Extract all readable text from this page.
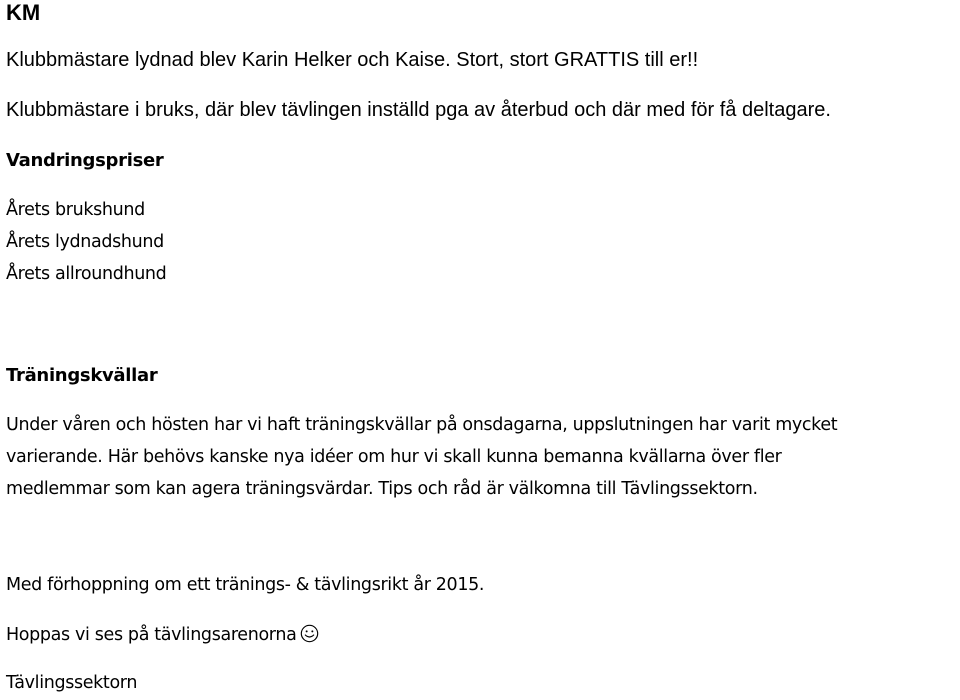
KM

Klubbmästare lydnad blev Karin Helker och Kaise. Stort, stort GRATTIS till er!!

Klubbmästare i bruks, där blev tävlingen inställd pga av återbud och där med för få deltagare.

Vandringspriser

Årets brukshund

Årets lydnadshund

Årets allroundhund

Träningskvällar

Under våren och hösten har vi haft träningskvällar på onsdagarna, uppslutningen har varit mycket

varierande. Här behövs kanske nya idéer om hur vi skall kunna bemanna kvällarna över fler

medlemmar som kan agera träningsvärdar. Tips och råd är välkomna till Tävlingssektorn.

Med förhoppning om ett tränings- & tävlingsrikt år 2015.

Hoppas vi ses på tävlingsarenorna

Tävlingssektorn
